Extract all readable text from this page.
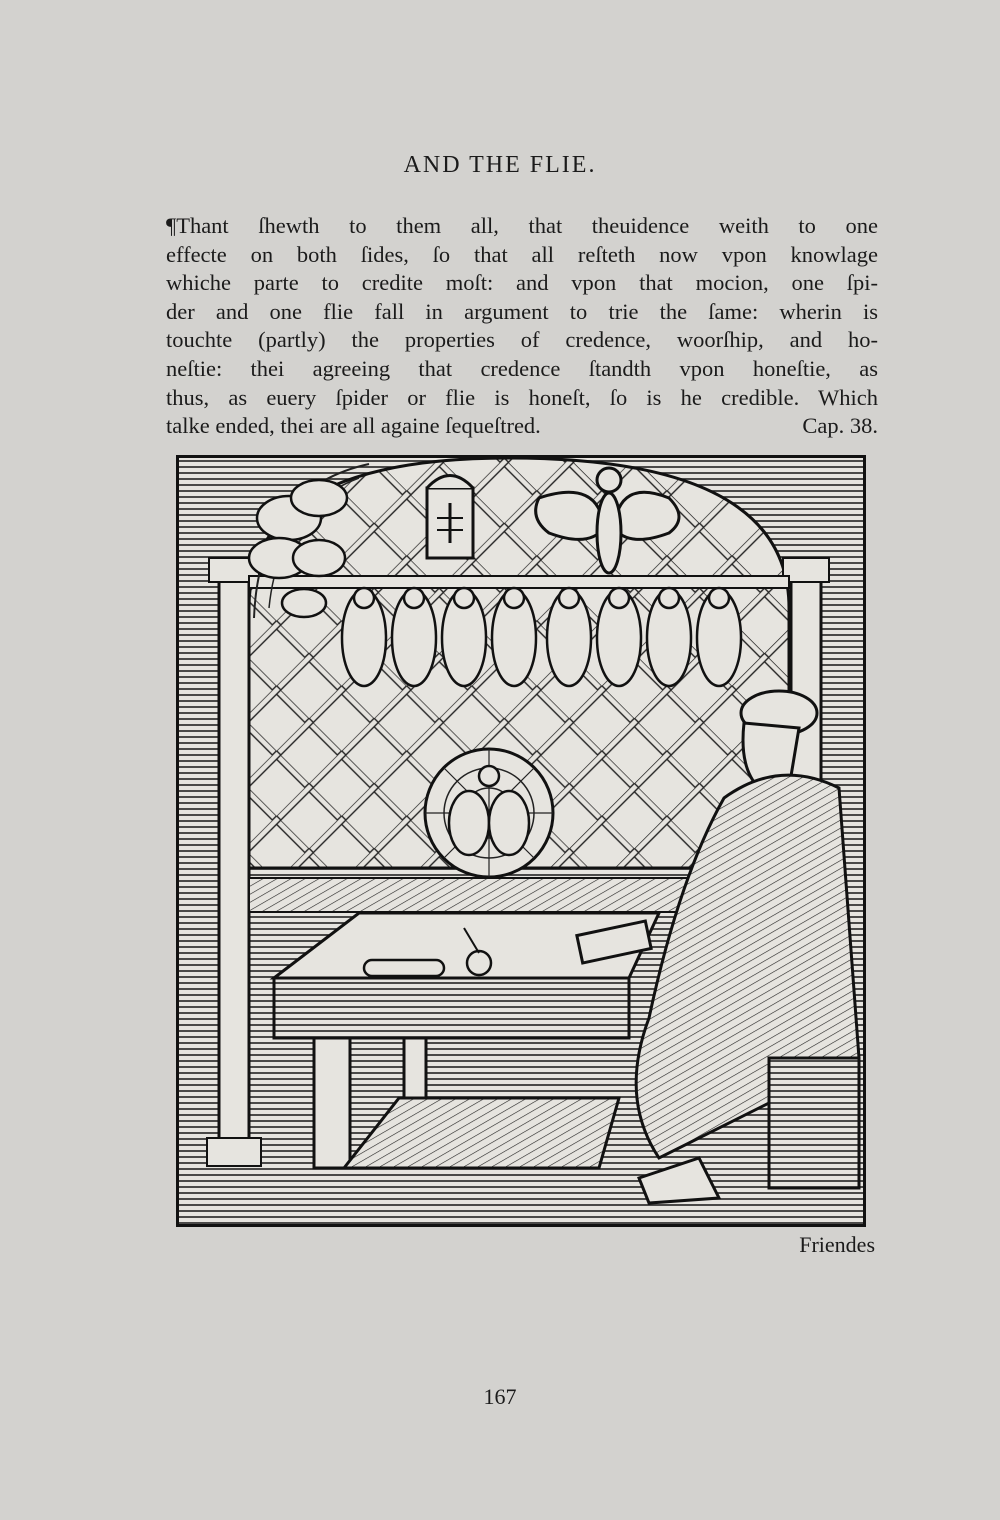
AND THE FLIE.
¶Thant ſhewth to them all, that theuidence weith to one
effecte on both ſides, ſo that all reſteth now vpon knowlage
whiche parte to credite moſt: and vpon that mocion, one ſpi-
der and one flie fall in argument to trie the ſame: wherin is
touchte (partly) the properties of credence, woorſhip, and ho-
neſtie: thei agreeing that credence ſtandth vpon honeſtie, as
thus, as euery ſpider or flie is honeſt, ſo is he credible. Which
talke ended, thei are all againe ſequeſtred.	Cap. 38.
Friendes
167
